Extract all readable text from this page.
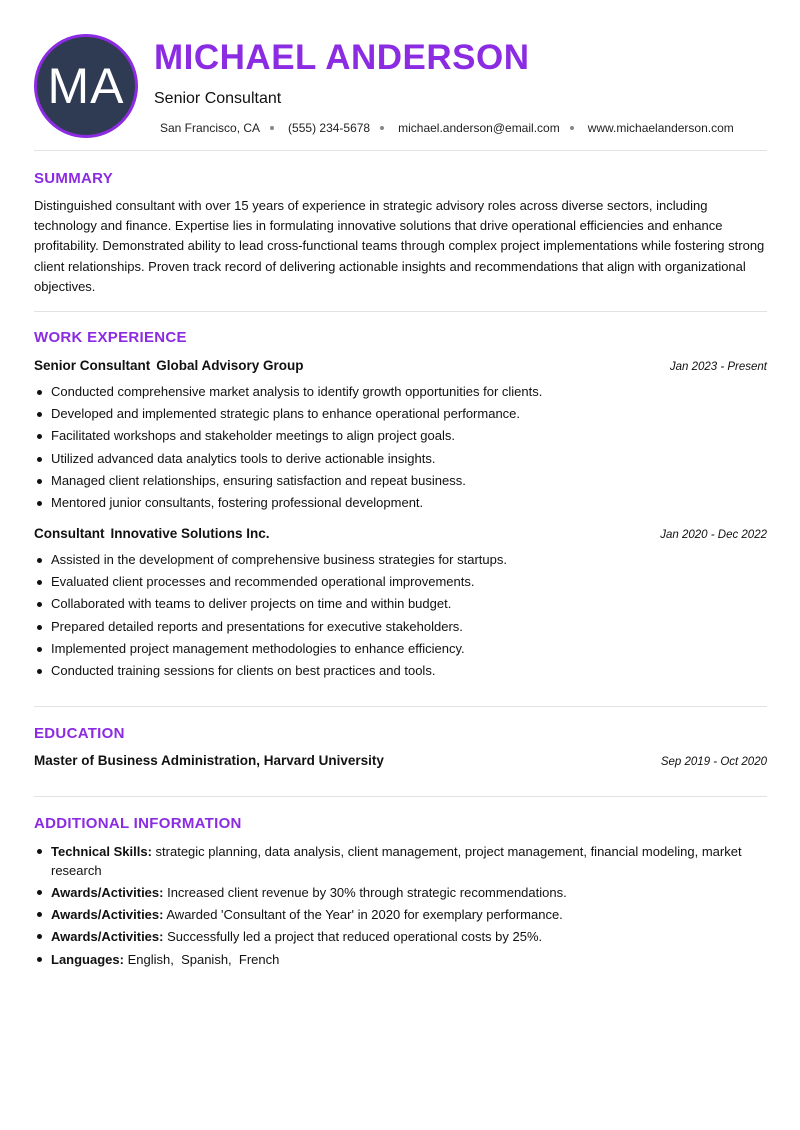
MA
MICHAEL ANDERSON
Senior Consultant
San Francisco, CA (555) 234-5678 michael.anderson@email.com www.michaelanderson.com
SUMMARY
Distinguished consultant with over 15 years of experience in strategic advisory roles across diverse sectors, including technology and finance. Expertise lies in formulating innovative solutions that drive operational efficiencies and enhance profitability. Demonstrated ability to lead cross-functional teams through complex project implementations while fostering strong client relationships. Proven track record of delivering actionable insights and recommendations that align with organizational objectives.
WORK EXPERIENCE
Senior Consultant Global Advisory Group	Jan 2023 - Present
Conducted comprehensive market analysis to identify growth opportunities for clients.
Developed and implemented strategic plans to enhance operational performance.
Facilitated workshops and stakeholder meetings to align project goals.
Utilized advanced data analytics tools to derive actionable insights.
Managed client relationships, ensuring satisfaction and repeat business.
Mentored junior consultants, fostering professional development.
Consultant Innovative Solutions Inc.	Jan 2020 - Dec 2022
Assisted in the development of comprehensive business strategies for startups.
Evaluated client processes and recommended operational improvements.
Collaborated with teams to deliver projects on time and within budget.
Prepared detailed reports and presentations for executive stakeholders.
Implemented project management methodologies to enhance efficiency.
Conducted training sessions for clients on best practices and tools.
EDUCATION
Master of Business Administration, Harvard University	Sep 2019 - Oct 2020
ADDITIONAL INFORMATION
Technical Skills: strategic planning, data analysis, client management, project management, financial modeling, market research
Awards/Activities: Increased client revenue by 30% through strategic recommendations.
Awards/Activities: Awarded 'Consultant of the Year' in 2020 for exemplary performance.
Awards/Activities: Successfully led a project that reduced operational costs by 25%.
Languages: English,  Spanish,  French
